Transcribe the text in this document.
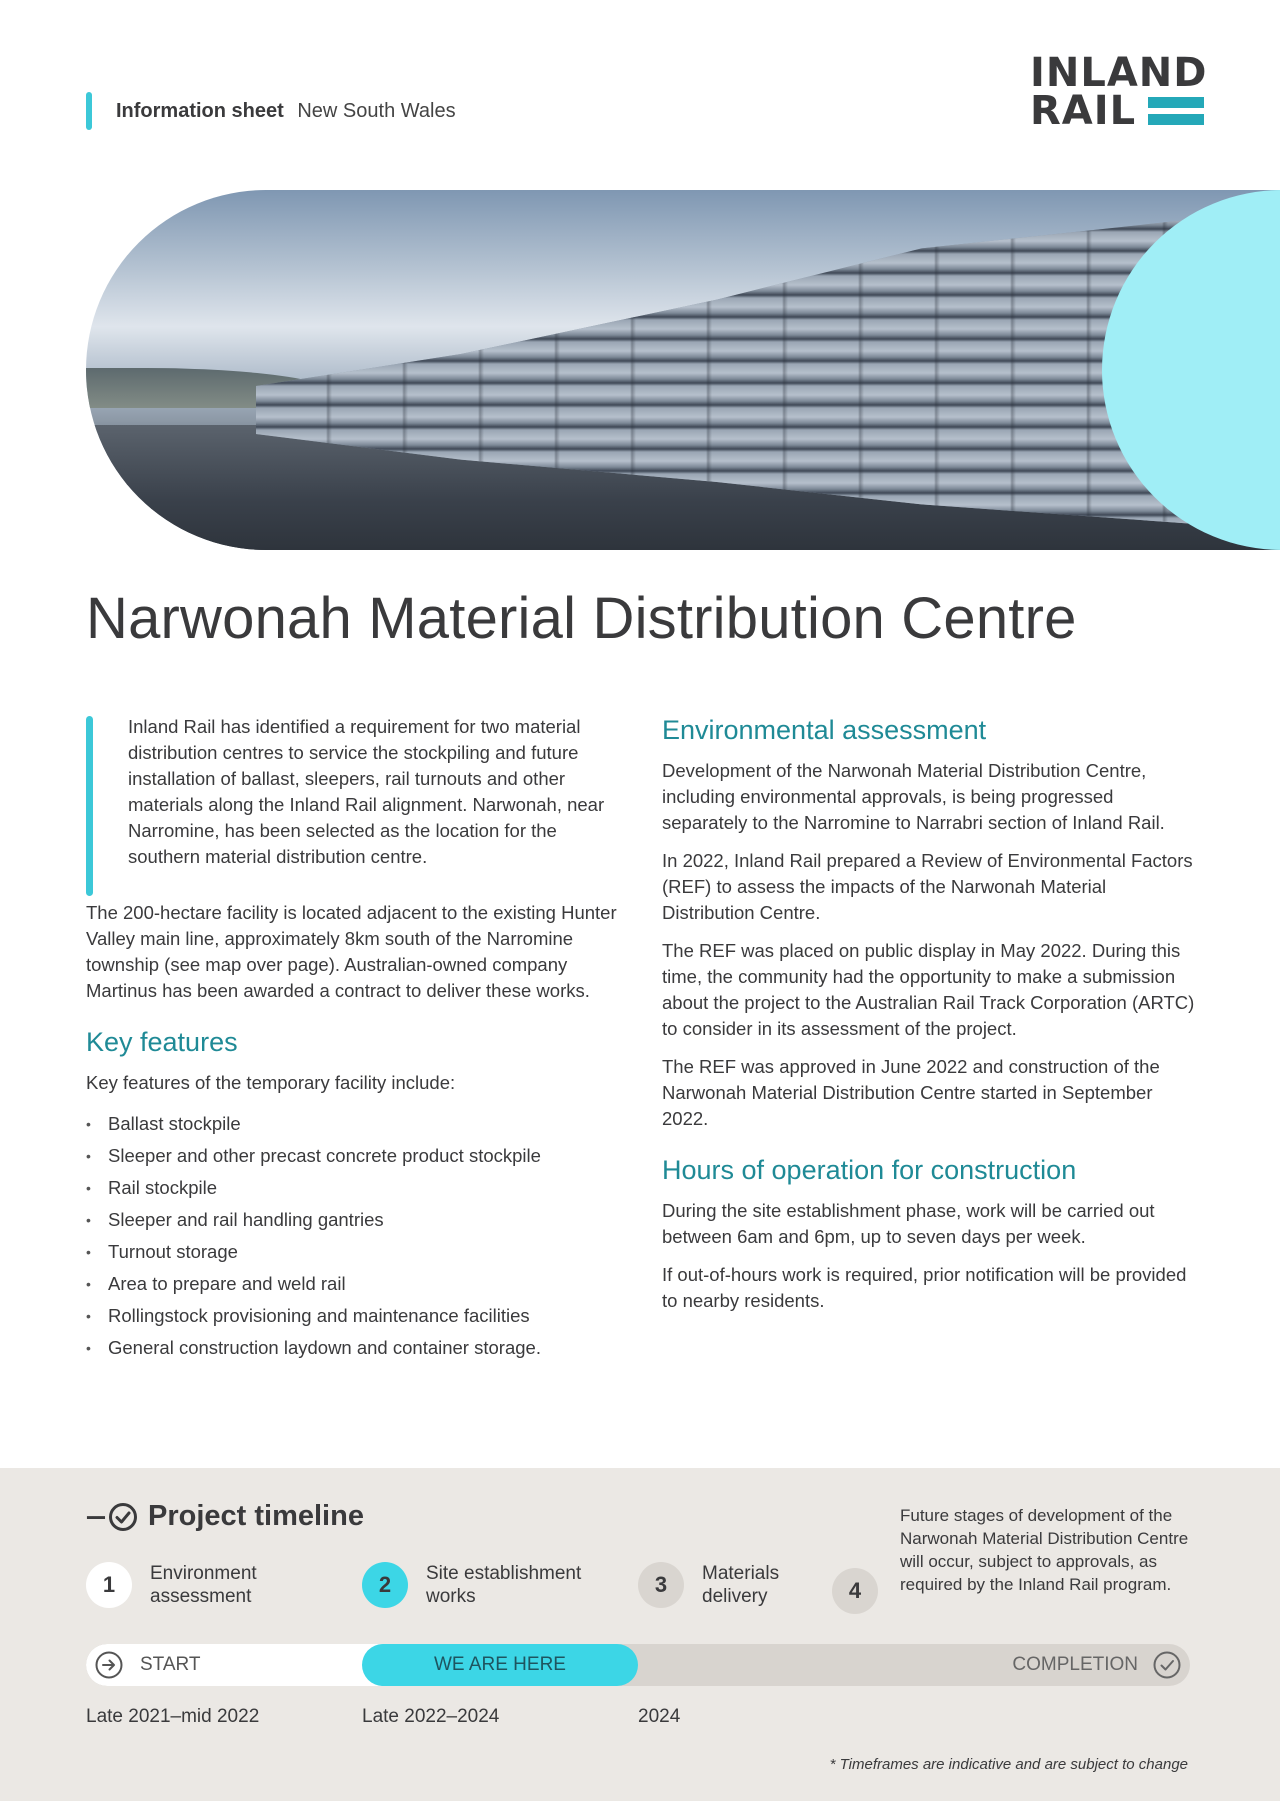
Information sheet New South Wales
INLAND
RAIL
Narwonah Material Distribution Centre

Inland Rail has identified a requirement for two material distribution centres to service the stockpiling and future installation of ballast, sleepers, rail turnouts and other materials along the Inland Rail alignment. Narwonah, near Narromine, has been selected as the location for the southern material distribution centre.

The 200-hectare facility is located adjacent to the existing Hunter Valley main line, approximately 8km south of the Narromine township (see map over page). Australian-owned company Martinus has been awarded a contract to deliver these works.

Key features

Key features of the temporary facility include:

• Ballast stockpile
• Sleeper and other precast concrete product stockpile
• Rail stockpile
• Sleeper and rail handling gantries
• Turnout storage
• Area to prepare and weld rail
• Rollingstock provisioning and maintenance facilities
• General construction laydown and container storage.
Environmental assessment

Development of the Narwonah Material Distribution Centre, including environmental approvals, is being progressed separately to the Narromine to Narrabri section of Inland Rail.

In 2022, Inland Rail prepared a Review of Environmental Factors (REF) to assess the impacts of the Narwonah Material Distribution Centre.

The REF was placed on public display in May 2022. During this time, the community had the opportunity to make a submission about the project to the Australian Rail Track Corporation (ARTC) to consider in its assessment of the project.

The REF was approved in June 2022 and construction of the Narwonah Material Distribution Centre started in September 2022.

Hours of operation for construction

During the site establishment phase, work will be carried out between 6am and 6pm, up to seven days per week.

If out-of-hours work is required, prior notification will be provided to nearby residents.

--- Project timeline
1	Environment assessment	2	Site establishment works	3	Materials delivery	4
Future stages of development of the Narwonah Material Distribution Centre will occur, subject to approvals, as required by the Inland Rail program.
START	WE ARE HERE	COMPLETION
Late 2021–mid 2022	Late 2022–2024	2024
* Timeframes are indicative and are subject to change
